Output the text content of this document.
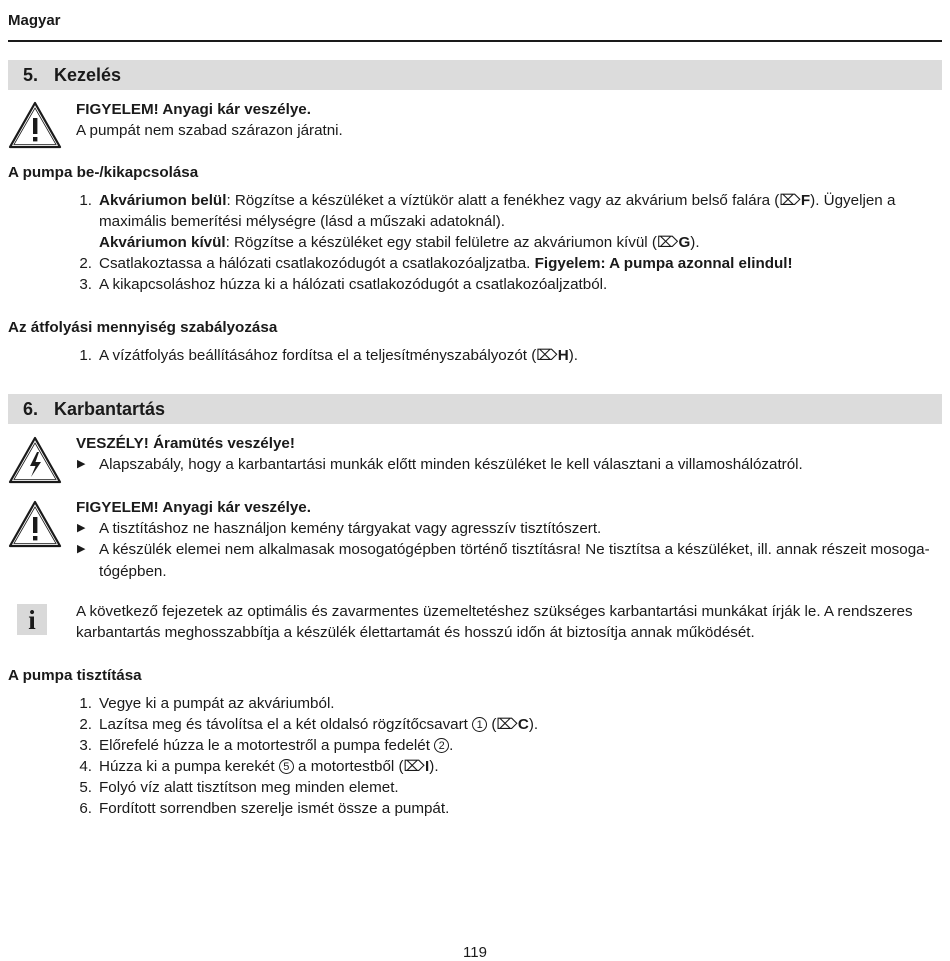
Magyar
5. Kezelés
FIGYELEM! Anyagi kár veszélye.
A pumpát nem szabad szárazon járatni.
A pumpa be-/kikapcsolása
1. Akváriumon belül: Rögzítse a készüléket a víztükör alatt a fenékhez vagy az akvárium belső falára (⌦F). Ügyeljen a
maximális bemerítési mélységre (lásd a műszaki adatoknál).
Akváriumon kívül: Rögzítse a készüléket egy stabil felületre az akváriumon kívül (⌦G).
2. Csatlakoztassa a hálózati csatlakozódugót a csatlakozóaljzatba. Figyelem: A pumpa azonnal elindul!
3. A kikapcsoláshoz húzza ki a hálózati csatlakozódugót a csatlakozóaljzatból.
Az átfolyási mennyiség szabályozása
1. A vízátfolyás beállításához fordítsa el a teljesítményszabályozót (⌦H).
6. Karbantartás
VESZÉLY! Áramütés veszélye!
▶ Alapszabály, hogy a karbantartási munkák előtt minden készüléket le kell választani a villamoshálózatról.
FIGYELEM! Anyagi kár veszélye.
▶ A tisztításhoz ne használjon kemény tárgyakat vagy agresszív tisztítószert.
▶ A készülék elemei nem alkalmasak mosogatógépben történő tisztításra! Ne tisztítsa a készüléket, ill. annak részeit mosoga-
tógépben.
i	A következő fejezetek az optimális és zavarmentes üzemeltetéshez szükséges karbantartási munkákat írják le. A rendszeres
karbantartás meghosszabbítja a készülék élettartamát és hosszú időn át biztosítja annak működését.
A pumpa tisztítása
1. Vegye ki a pumpát az akváriumból.
2. Lazítsa meg és távolítsa el a két oldalsó rögzítőcsavart 1 (⌦C).
3. Előrefelé húzza le a motortestről a pumpa fedelét 2 .
4. Húzza ki a pumpa kerekét 5 a motortestből (⌦I).
5. Folyó víz alatt tisztítson meg minden elemet.
6. Fordított sorrendben szerelje ismét össze a pumpát.
119
